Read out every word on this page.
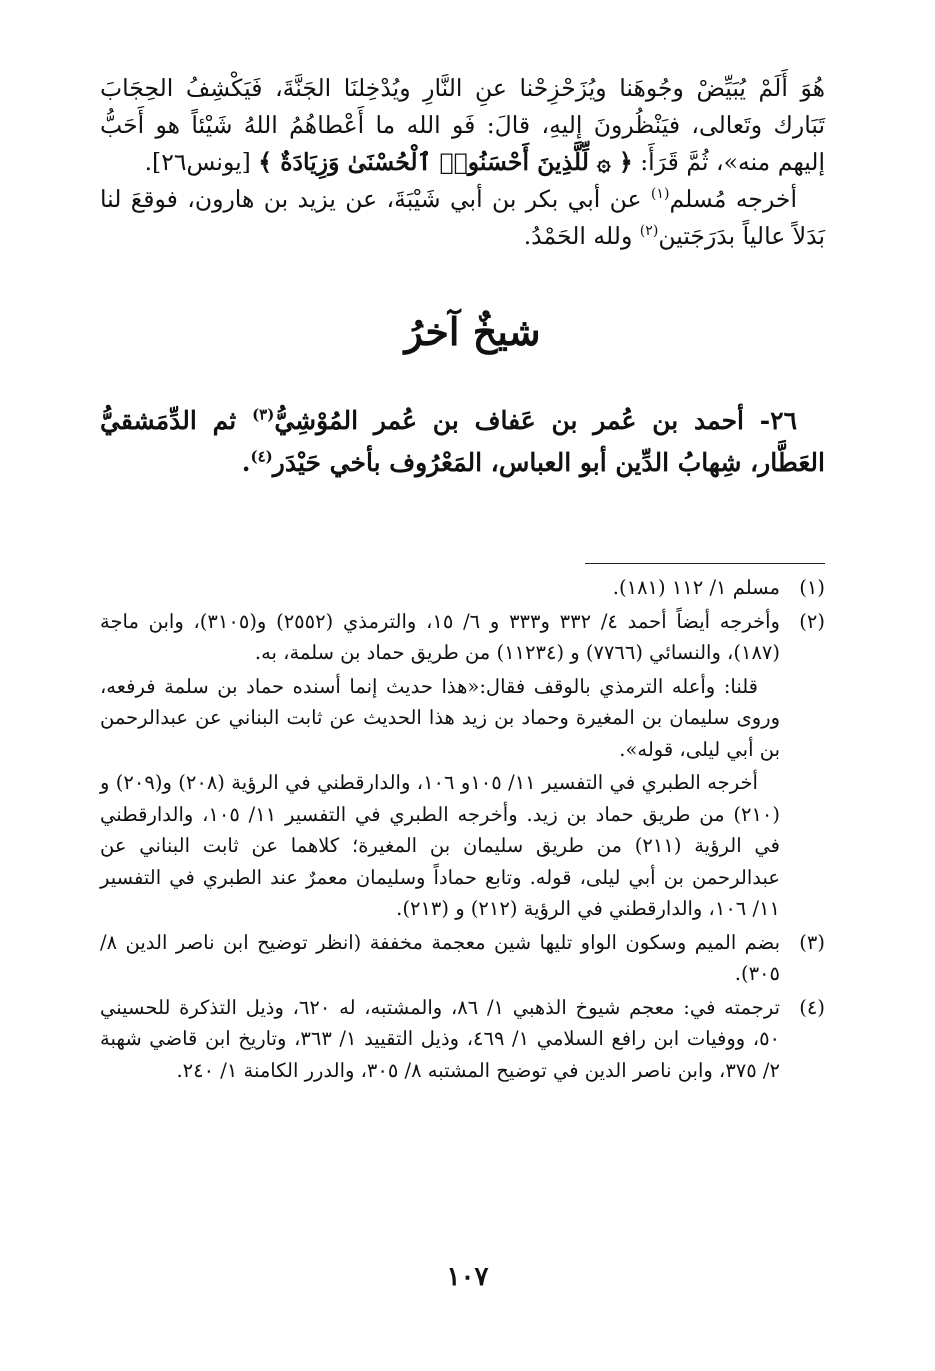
هُوَ أَلَمْ يُبَيِّضْ وجُوهَنا ويُزَحْزِحْنا عنِ النَّارِ ويُدْخِلنَا الجَنَّةَ، فَيَكْشِفُ الحِجَابَ تَبَارك وتَعالى، فيَنْظُرونَ إليهِ، قالَ: فَو الله ما أَعْطاهُمُ اللهُ شَيْئاً هو أَحَبُّ إليهم منه»، ثُمَّ قَرَأَ: ﴿ ۞ لِّلَّذِينَ أَحْسَنُوا۟ ٱلْحُسْنَىٰ وَزِيَادَةٌ ﴾ [يونس٢٦].

أخرجه مُسلم$^{(١)}$ عن أبي بكر بن أبي شَيْبَةَ، عن يزيد بن هارون، فوقعَ لنا بَدَلاً عالياً بدَرَجَتين$^{(٢)}$ ولله الحَمْدُ.

شيخٌ آخرُ

٢٦- أحمد بن عُمر بن عَفاف بن عُمر المُوْشِيُّ$^{(٣)}$ ثم الدِّمَشقيُّ العَطَّار، شِهابُ الدِّين أبو العباس، المَعْرُوف بأخي حَيْدَر$^{(٤)}$.

(١)

مسلم ١/ ١١٢ (١٨١).

(٢)

وأخرجه أيضاً أحمد ٤/ ٣٣٢ و٣٣٣ و ٦/ ١٥، والترمذي (٢٥٥٢) و(٣١٠٥)، وابن ماجة (١٨٧)، والنسائي (٧٧٦٦) و (١١٢٣٤) من طريق حماد بن سلمة، به.

قلنا: وأعله الترمذي بالوقف فقال:«هذا حديث إنما أسنده حماد بن سلمة فرفعه، وروى سليمان بن المغيرة وحماد بن زيد هذا الحديث عن ثابت البناني عن عبدالرحمن بن أبي ليلى، قوله».

أخرجه الطبري في التفسير ١١/ ١٠٥و ١٠٦، والدارقطني في الرؤية (٢٠٨) و(٢٠٩) و (٢١٠) من طريق حماد بن زيد. وأخرجه الطبري في التفسير ١١/ ١٠٥، والدارقطني في الرؤية (٢١١) من طريق سليمان بن المغيرة؛ كلاهما عن ثابت البناني عن عبدالرحمن بن أبي ليلى، قوله. وتابع حماداً وسليمان معمرٌ عند الطبري في التفسير ١١/ ١٠٦، والدارقطني في الرؤية (٢١٢) و (٢١٣).

(٣)

بضم الميم وسكون الواو تليها شين معجمة مخففة (انظر توضيح ابن ناصر الدين ٨/ ٣٠٥).

(٤)

ترجمته في: معجم شيوخ الذهبي ١/ ٨٦، والمشتبه، له ٦٢٠، وذيل التذكرة للحسيني ٥٠، ووفيات ابن رافع السلامي ١/ ٤٦٩، وذيل التقييد ١/ ٣٦٣، وتاريخ ابن قاضي شهبة ٢/ ٣٧٥، وابن ناصر الدين في توضيح المشتبه ٨/ ٣٠٥، والدرر الكامنة ١/ ٢٤٠.

١٠٧
